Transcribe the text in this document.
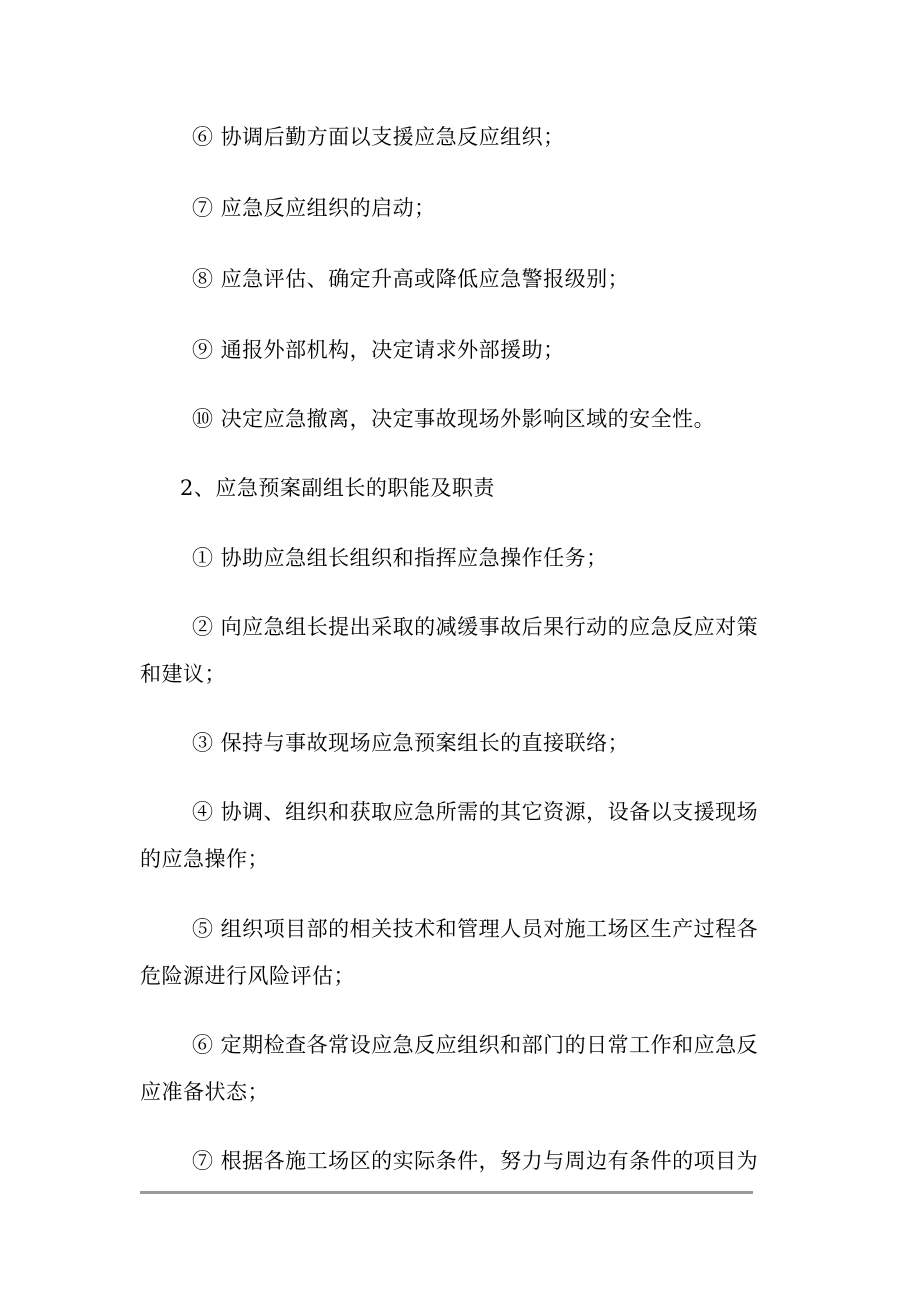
⑥ 协调后勤方面以支援应急反应组织；
⑦ 应急反应组织的启动；
⑧ 应急评估、确定升高或降低应急警报级别；
⑨ 通报外部机构，决定请求外部援助；
⑩ 决定应急撤离，决定事故现场外影响区域的安全性。
2、应急预案副组长的职能及职责
① 协助应急组长组织和指挥应急操作任务；
② 向应急组长提出采取的减缓事故后果行动的应急反应对策
和建议；
③ 保持与事故现场应急预案组长的直接联络；
④ 协调、组织和获取应急所需的其它资源，设备以支援现场
的应急操作；
⑤ 组织项目部的相关技术和管理人员对施工场区生产过程各
危险源进行风险评估；
⑥ 定期检查各常设应急反应组织和部门的日常工作和应急反
应准备状态；
⑦ 根据各施工场区的实际条件，努力与周边有条件的项目为
